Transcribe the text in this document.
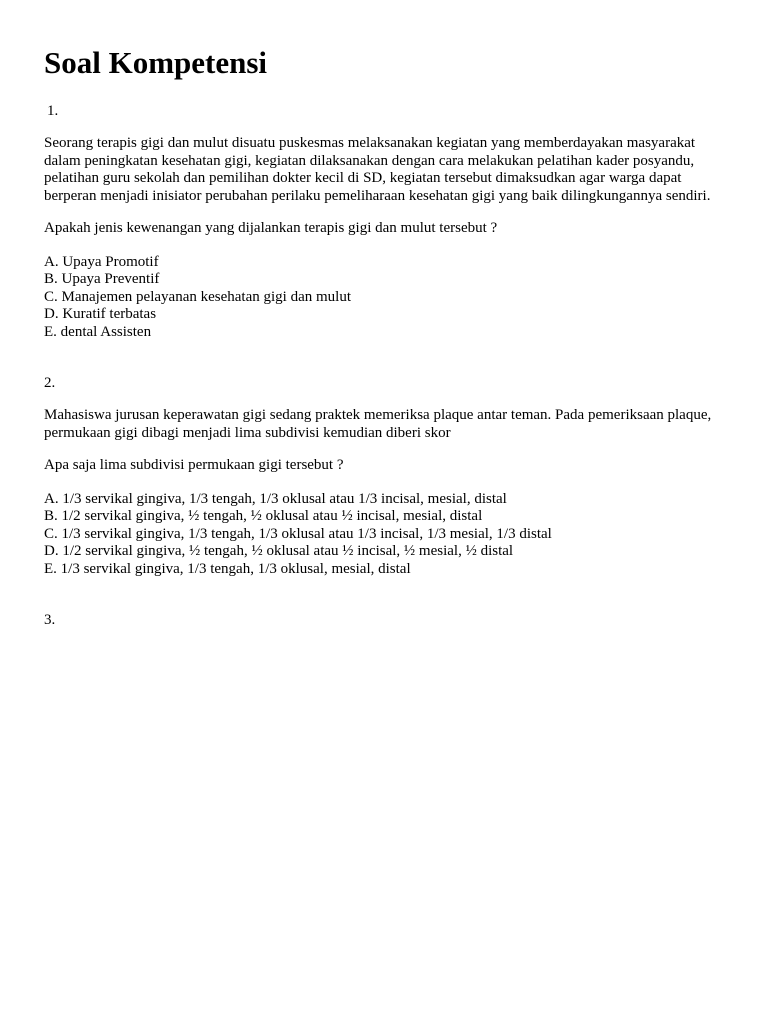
Soal Kompetensi

1.

Seorang terapis gigi dan mulut disuatu puskesmas melaksanakan kegiatan yang memberdayakan masyarakat dalam peningkatan kesehatan gigi, kegiatan dilaksanakan dengan cara melakukan pelatihan kader posyandu, pelatihan guru sekolah dan pemilihan dokter kecil di SD, kegiatan tersebut dimaksudkan agar warga dapat berperan menjadi inisiator perubahan perilaku pemeliharaan kesehatan gigi yang baik dilingkungannya sendiri.

Apakah jenis kewenangan yang dijalankan terapis gigi dan mulut tersebut ?

A. Upaya Promotif
B. Upaya Preventif
C. Manajemen pelayanan kesehatan gigi dan mulut
D. Kuratif terbatas
E. dental Assisten

2.

Mahasiswa jurusan keperawatan gigi sedang praktek memeriksa plaque antar teman. Pada pemeriksaan plaque, permukaan gigi dibagi menjadi lima subdivisi kemudian diberi skor

Apa saja lima subdivisi permukaan gigi tersebut ?

A. 1/3 servikal gingiva, 1/3 tengah, 1/3 oklusal atau 1/3 incisal, mesial, distal
B. 1/2 servikal gingiva, ½ tengah, ½ oklusal atau ½ incisal, mesial, distal
C. 1/3 servikal gingiva, 1/3 tengah, 1/3 oklusal atau 1/3 incisal, 1/3 mesial, 1/3 distal
D. 1/2 servikal gingiva, ½ tengah, ½ oklusal atau ½ incisal, ½ mesial, ½ distal
E. 1/3 servikal gingiva, 1/3 tengah, 1/3 oklusal, mesial, distal

3.
